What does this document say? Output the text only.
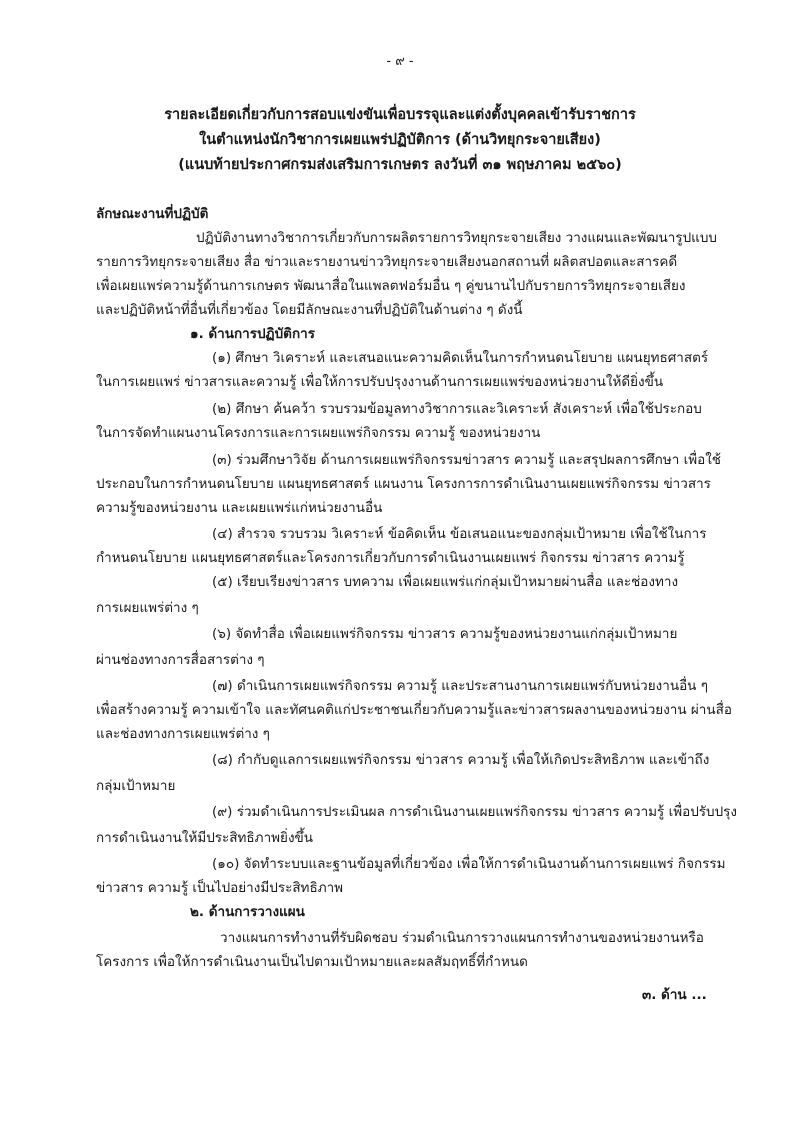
- ๙ -
รายละเอียดเกี่ยวกับการสอบแข่งขันเพื่อบรรจุและแต่งตั้งบุคคลเข้ารับราชการ
ในตำแหน่งนักวิชาการเผยแพร่ปฏิบัติการ (ด้านวิทยุกระจายเสียง)
(แนบท้ายประกาศกรมส่งเสริมการเกษตร ลงวันที่ ๓๑ พฤษภาคม ๒๕๖๐)
ลักษณะงานที่ปฏิบัติ
ปฏิบัติงานทางวิชาการเกี่ยวกับการผลิตรายการวิทยุกระจายเสียง วางแผนและพัฒนารูปแบบ
รายการวิทยุกระจายเสียง สื่อ ข่าวและรายงานข่าววิทยุกระจายเสียงนอกสถานที่ ผลิตสปอตและสารคดี
เพื่อเผยแพร่ความรู้ด้านการเกษตร พัฒนาสื่อในแพลตฟอร์มอื่น ๆ คู่ขนานไปกับรายการวิทยุกระจายเสียง
และปฏิบัติหน้าที่อื่นที่เกี่ยวข้อง โดยมีลักษณะงานที่ปฏิบัติในด้านต่าง ๆ ดังนี้
๑. ด้านการปฏิบัติการ
(๑) ศึกษา วิเคราะห์ และเสนอแนะความคิดเห็นในการกำหนดนโยบาย แผนยุทธศาสตร์
ในการเผยแพร่ ข่าวสารและความรู้ เพื่อให้การปรับปรุงงานด้านการเผยแพร่ของหน่วยงานให้ดียิ่งขึ้น
(๒) ศึกษา ค้นคว้า รวบรวมข้อมูลทางวิชาการและวิเคราะห์ สังเคราะห์ เพื่อใช้ประกอบ
ในการจัดทำแผนงานโครงการและการเผยแพร่กิจกรรม ความรู้ ของหน่วยงาน
(๓) ร่วมศึกษาวิจัย ด้านการเผยแพร่กิจกรรมข่าวสาร ความรู้ และสรุปผลการศึกษา เพื่อใช้
ประกอบในการกำหนดนโยบาย แผนยุทธศาสตร์ แผนงาน โครงการการดำเนินงานเผยแพร่กิจกรรม ข่าวสาร
ความรู้ของหน่วยงาน และเผยแพร่แก่หน่วยงานอื่น
(๔) สำรวจ รวบรวม วิเคราะห์ ข้อคิดเห็น ข้อเสนอแนะของกลุ่มเป้าหมาย เพื่อใช้ในการ
กำหนดนโยบาย แผนยุทธศาสตร์และโครงการเกี่ยวกับการดำเนินงานเผยแพร่ กิจกรรม ข่าวสาร ความรู้
(๕) เรียบเรียงข่าวสาร บทความ เพื่อเผยแพร่แก่กลุ่มเป้าหมายผ่านสื่อ และช่องทาง
การเผยแพร่ต่าง ๆ
(๖) จัดทำสื่อ เพื่อเผยแพร่กิจกรรม ข่าวสาร ความรู้ของหน่วยงานแก่กลุ่มเป้าหมาย
ผ่านช่องทางการสื่อสารต่าง ๆ
(๗) ดำเนินการเผยแพร่กิจกรรม ความรู้ และประสานงานการเผยแพร่กับหน่วยงานอื่น ๆ
เพื่อสร้างความรู้ ความเข้าใจ และทัศนคติแก่ประชาชนเกี่ยวกับความรู้และข่าวสารผลงานของหน่วยงาน ผ่านสื่อ
และช่องทางการเผยแพร่ต่าง ๆ
(๘) กำกับดูแลการเผยแพร่กิจกรรม ข่าวสาร ความรู้ เพื่อให้เกิดประสิทธิภาพ และเข้าถึง
กลุ่มเป้าหมาย
(๙) ร่วมดำเนินการประเมินผล การดำเนินงานเผยแพร่กิจกรรม ข่าวสาร ความรู้ เพื่อปรับปรุง
การดำเนินงานให้มีประสิทธิภาพยิ่งขึ้น
(๑๐) จัดทำระบบและฐานข้อมูลที่เกี่ยวข้อง เพื่อให้การดำเนินงานด้านการเผยแพร่ กิจกรรม
ข่าวสาร ความรู้ เป็นไปอย่างมีประสิทธิภาพ
๒. ด้านการวางแผน
วางแผนการทำงานที่รับผิดชอบ ร่วมดำเนินการวางแผนการทำงานของหน่วยงานหรือ
โครงการ เพื่อให้การดำเนินงานเป็นไปตามเป้าหมายและผลสัมฤทธิ์ที่กำหนด
๓. ด้าน ...
